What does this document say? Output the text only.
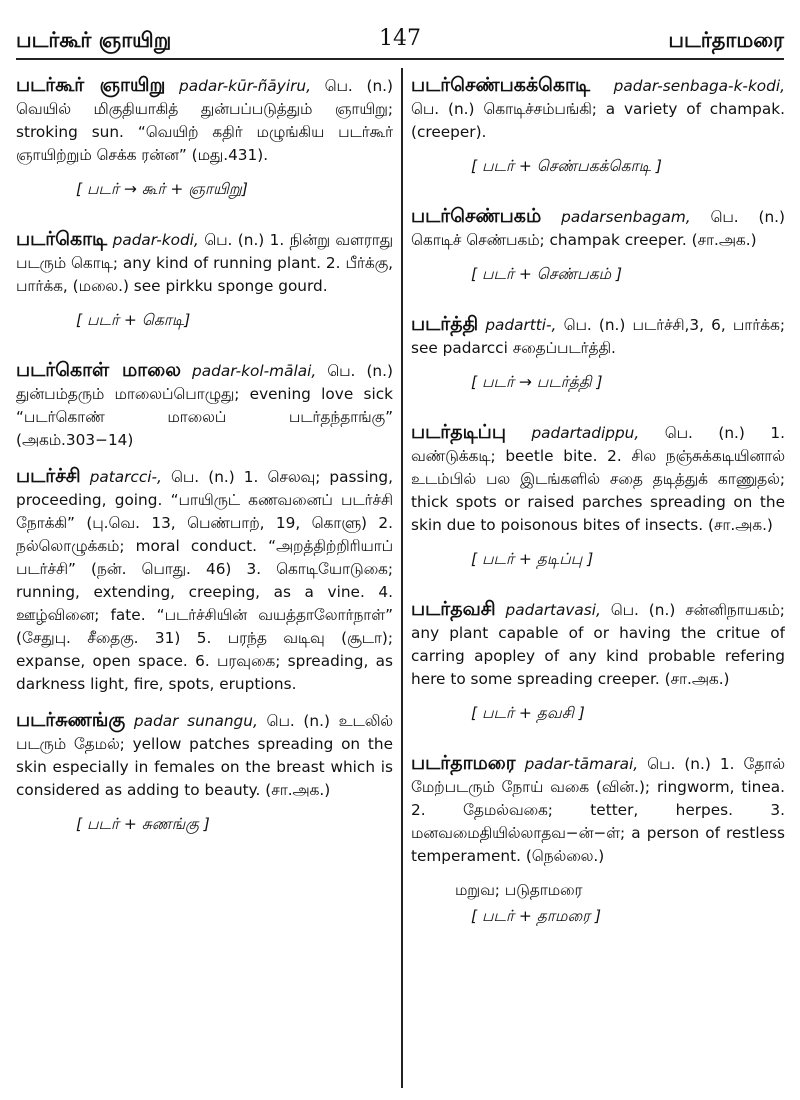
படர்கூர் ஞாயிறு	147	படர்தாமரை
படர்கூர் ஞாயிறு padar-kūr-ñāyiru, பெ. (n.) வெயில் மிகுதியாகித் துன்பப்படுத்தும் ஞாயிறு; stroking sun. “வெயிற் கதிர் மழுங்கிய படர்கூர் ஞாயிற்றும் செக்க ரன்ன” (மது.431).
[ படர் → கூர் + ஞாயிறு]
படர்கொடி padar-kodi, பெ. (n.) 1. நின்று வளராது படரும் கொடி; any kind of running plant. 2. பீர்க்கு, பார்க்க, (மலை.) see pirkku sponge gourd.
[ படர் + கொடி]
படர்கொள் மாலை padar-kol-mālai, பெ. (n.) துன்பம்தரும் மாலைப்பொழுது; evening love sick “படர்கொண் மாலைப் படர்தந்தாங்கு” (அகம்.303−14)
படர்ச்சி patarcci-, பெ. (n.) 1. செலவு; passing, proceeding, going. “பாயிருட் கணவனைப் படர்ச்சி நோக்கி” (பு.வெ. 13, பெண்பாற், 19, கொளு) 2. நல்லொழுக்கம்; moral conduct. “அறத்திற்றிரியாப் படர்ச்சி” (நன். பொது. 46) 3. கொடியோடுகை; running, extending, creeping, as a vine. 4. ஊழ்வினை; fate. “படர்ச்சியின் வயத்தாலோர்நாள்” (சேதுபு. சீதைகு. 31) 5. பரந்த வடிவு (சூடா); expanse, open space. 6. பரவுகை; spreading, as darkness light, fire, spots, eruptions.
படர்சுணங்கு padar sunangu, பெ. (n.) உடலில் படரும் தேமல்; yellow patches spreading on the skin especially in females on the breast which is considered as adding to beauty. (சா.அக.)
[ படர் + சுணங்கு ]
படர்செண்பகக்கொடி padar-senbaga-k-kodi, பெ. (n.) கொடிச்சம்பங்கி; a variety of champak. (creeper).
[ படர் + செண்பகக்கொடி ]
படர்செண்பகம் padarsenbagam, பெ. (n.) கொடிச் செண்பகம்; champak creeper. (சா.அக.)
[ படர் + செண்பகம் ]
படர்த்தி padartti-, பெ. (n.) படர்ச்சி,3, 6, பார்க்க; see padarcci சதைப்படர்த்தி.
[ படர் → படர்த்தி ]
படர்தடிப்பு padartadippu, பெ. (n.) 1. வண்டுக்கடி; beetle bite. 2. சில நஞ்சுக்கடியினால் உடம்பில் பல இடங்களில் சதை தடித்துக் காணுதல்; thick spots or raised parches spreading on the skin due to poisonous bites of insects. (சா.அக.)
[ படர் + தடிப்பு ]
படர்தவசி padartavasi, பெ. (n.) சன்னிநாயகம்; any plant capable of or having the critue of carring apopley of any kind probable refering here to some spreading creeper. (சா.அக.)
[ படர் + தவசி ]
படர்தாமரை padar-tāmarai, பெ. (n.) 1. தோல் மேற்படரும் நோய் வகை (வின்.); ringworm, tinea. 2. தேமல்வகை; tetter, herpes. 3. மனவமைதியில்லாதவ−ன்−ள்; a person of restless temperament. (நெல்லை.)
மறுவ; படுதாமரை
[ படர் + தாமரை ]
